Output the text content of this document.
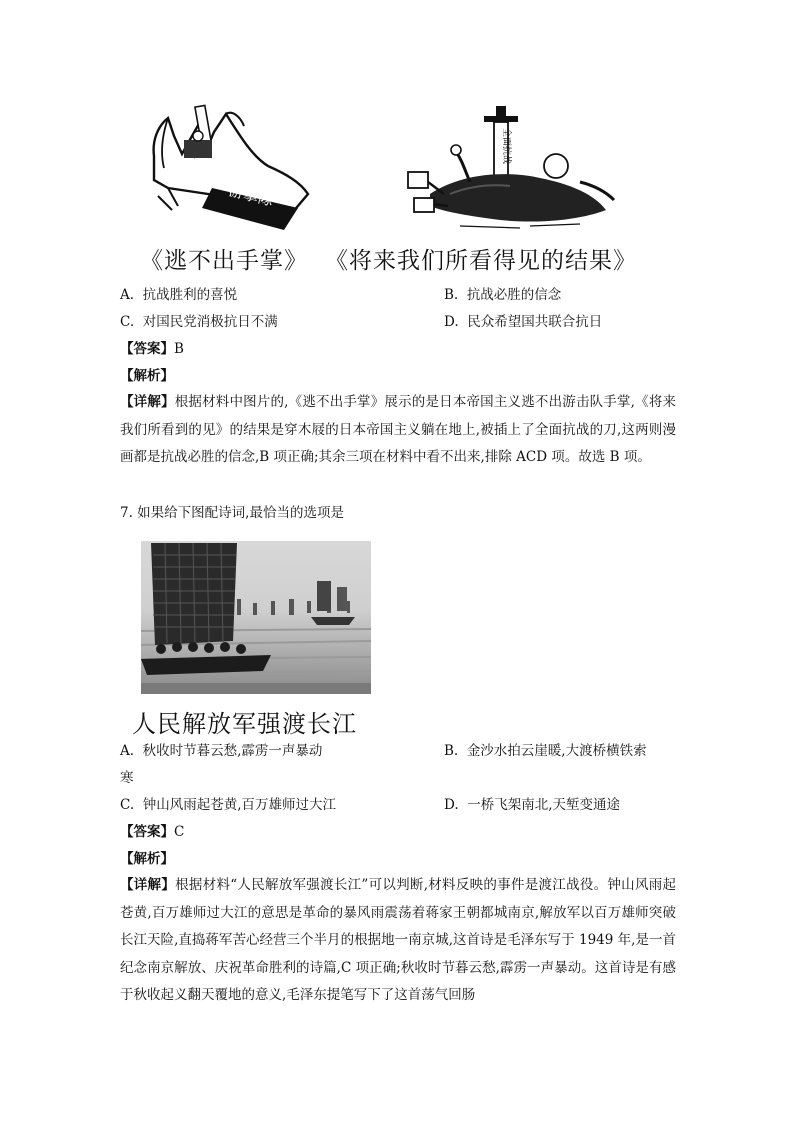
游擊隊
全面抗战
《逃不出手掌》 《将来我们所看得见的结果》
A. 抗战胜利的喜悦	B. 抗战必胜的信念
C. 对国民党消极抗日不满	D. 民众希望国共联合抗日
【答案】B
【解析】
【详解】根据材料中图片的,《逃不出手掌》展示的是日本帝国主义逃不出游击队手掌,《将来我们所看到的见》的结果是穿木屐的日本帝国主义躺在地上,被插上了全面抗战的刀,这两则漫画都是抗战必胜的信念,B 项正确;其余三项在材料中看不出来,排除 ACD 项。故选 B 项。
7. 如果给下图配诗词,最恰当的选项是
人民解放军强渡长江
A. 秋收时节暮云愁,霹雳一声暴动	B. 金沙水拍云崖暖,大渡桥横铁索
寒
C. 钟山风雨起苍黄,百万雄师过大江	D. 一桥飞架南北,天堑变通途
【答案】C
【解析】
【详解】根据材料“人民解放军强渡长江”可以判断,材料反映的事件是渡江战役。钟山风雨起苍黄,百万雄师过大江的意思是革命的暴风雨震荡着蒋家王朝都城南京,解放军以百万雄师突破长江天险,直捣蒋军苦心经营三个半月的根据地一南京城,这首诗是毛泽东写于 1949 年,是一首纪念南京解放、庆祝革命胜利的诗篇,C 项正确;秋收时节暮云愁,霹雳一声暴动。这首诗是有感于秋收起义翻天覆地的意义,毛泽东提笔写下了这首荡气回肠
